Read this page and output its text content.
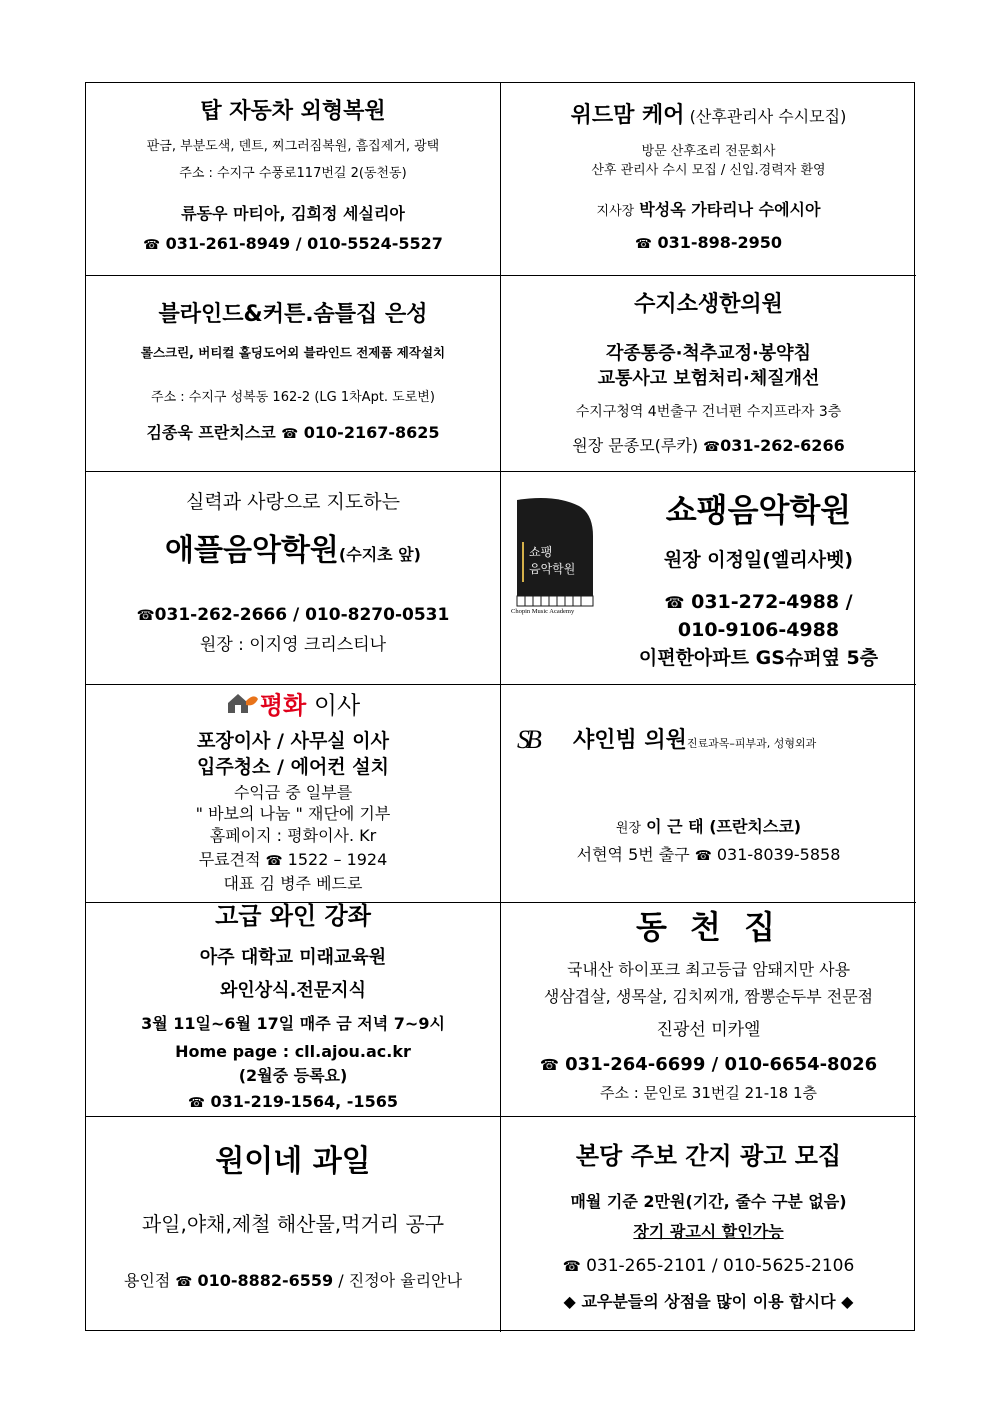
탑 자동차 외형복원
판금, 부분도색, 덴트, 찌그러짐복원, 흠집제거, 광택
주소 : 수지구 수풍로117번길 2(동천동)
류동우 마티아, 김희정 세실리아
☎ 031-261-8949 / 010-5524-5527
위드맘 케어 (산후관리사 수시모집)
방문 산후조리 전문회사
산후 관리사 수시 모집 / 신입.경력자 환영
지사장 박성옥 가타리나 수에시아
☎ 031-898-2950
블라인드&커튼.솜틀집 은성
롤스크린, 버티컬 홀딩도어외 블라인드 전제품 제작설치
주소 : 수지구 성복동 162-2 (LG 1차Apt. 도로변)
김종욱 프란치스코 ☎ 010-2167-8625
수지소생한의원
각종통증·척추교정·봉약침
교통사고 보험처리·체질개선
수지구청역 4번출구 건너편 수지프라자 3층
원장 문종모(루카) ☎031-262-6266
실력과 사랑으로 지도하는
애플음악학원(수지초 앞)
☎031-262-2666 / 010-8270-0531
원장 : 이지영 크리스티나
쇼팽
음악학원
Chopin Music Academy
쇼팽음악학원
원장 이정일(엘리사벳)
☎ 031-272-4988 /
010-9106-4988
이편한아파트 GS슈퍼옆 5층
평화 이사
포장이사 / 사무실 이사
입주청소 / 에어컨 설치
수익금 중 일부를
" 바보의 나눔 " 재단에 기부
홈페이지 : 평화이사. Kr
무료견적 ☎ 1522 – 1924
대표 김 병주 베드로
SB 샤인빔 의원진료과목–피부과, 성형외과
원장 이 근 태 (프란치스코)
서현역 5번 출구 ☎ 031-8039-5858
고급 와인 강좌
아주 대학교 미래교육원
와인상식.전문지식
3월 11일~6월 17일 매주 금 저녁 7~9시
Home page : cll.ajou.ac.kr
(2월중 등록요)
☎ 031-219-1564, -1565
동 천 집
국내산 하이포크 최고등급 암돼지만 사용
생삼겹살, 생목살, 김치찌개, 짬뽕순두부 전문점
진광선 미카엘
☎ 031-264-6699 / 010-6654-8026
주소 : 문인로 31번길 21-18 1층
원이네 과일
과일,야채,제철 해산물,먹거리 공구
용인점 ☎ 010-8882-6559 / 진정아 율리안나
본당 주보 간지 광고 모집
매월 기준 2만원(기간, 줄수 구분 없음)
장기 광고시 할인가능
☎ 031-265-2101 / 010-5625-2106
◆ 교우분들의 상점을 많이 이용 합시다 ◆
